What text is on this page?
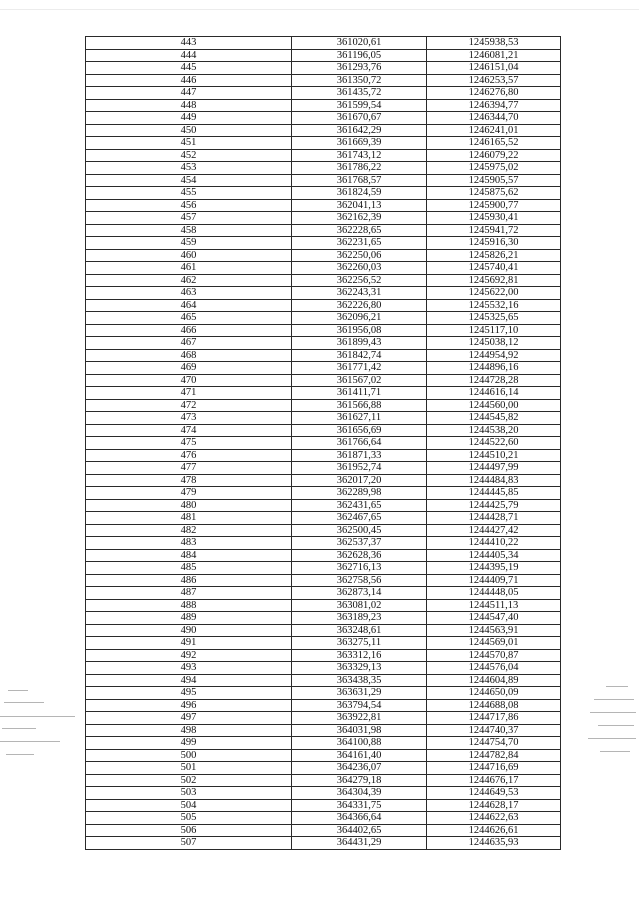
443	361020,61	1245938,53
444	361196,05	1246081,21
445	361293,76	1246151,04
446	361350,72	1246253,57
447	361435,72	1246276,80
448	361599,54	1246394,77
449	361670,67	1246344,70
450	361642,29	1246241,01
451	361669,39	1246165,52
452	361743,12	1246079,22
453	361786,22	1245975,02
454	361768,57	1245905,57
455	361824,59	1245875,62
456	362041,13	1245900,77
457	362162,39	1245930,41
458	362228,65	1245941,72
459	362231,65	1245916,30
460	362250,06	1245826,21
461	362260,03	1245740,41
462	362256,52	1245692,81
463	362243,31	1245622,00
464	362226,80	1245532,16
465	362096,21	1245325,65
466	361956,08	1245117,10
467	361899,43	1245038,12
468	361842,74	1244954,92
469	361771,42	1244896,16
470	361567,02	1244728,28
471	361411,71	1244616,14
472	361566,88	1244560,00
473	361627,11	1244545,82
474	361656,69	1244538,20
475	361766,64	1244522,60
476	361871,33	1244510,21
477	361952,74	1244497,99
478	362017,20	1244484,83
479	362289,98	1244445,85
480	362431,65	1244425,79
481	362467,65	1244428,71
482	362500,45	1244427,42
483	362537,37	1244410,22
484	362628,36	1244405,34
485	362716,13	1244395,19
486	362758,56	1244409,71
487	362873,14	1244448,05
488	363081,02	1244511,13
489	363189,23	1244547,40
490	363248,61	1244563,91
491	363275,11	1244569,01
492	363312,16	1244570,87
493	363329,13	1244576,04
494	363438,35	1244604,89
495	363631,29	1244650,09
496	363794,54	1244688,08
497	363922,81	1244717,86
498	364031,98	1244740,37
499	364100,88	1244754,70
500	364161,40	1244782,84
501	364236,07	1244716,69
502	364279,18	1244676,17
503	364304,39	1244649,53
504	364331,75	1244628,17
505	364366,64	1244622,63
506	364402,65	1244626,61
507	364431,29	1244635,93
